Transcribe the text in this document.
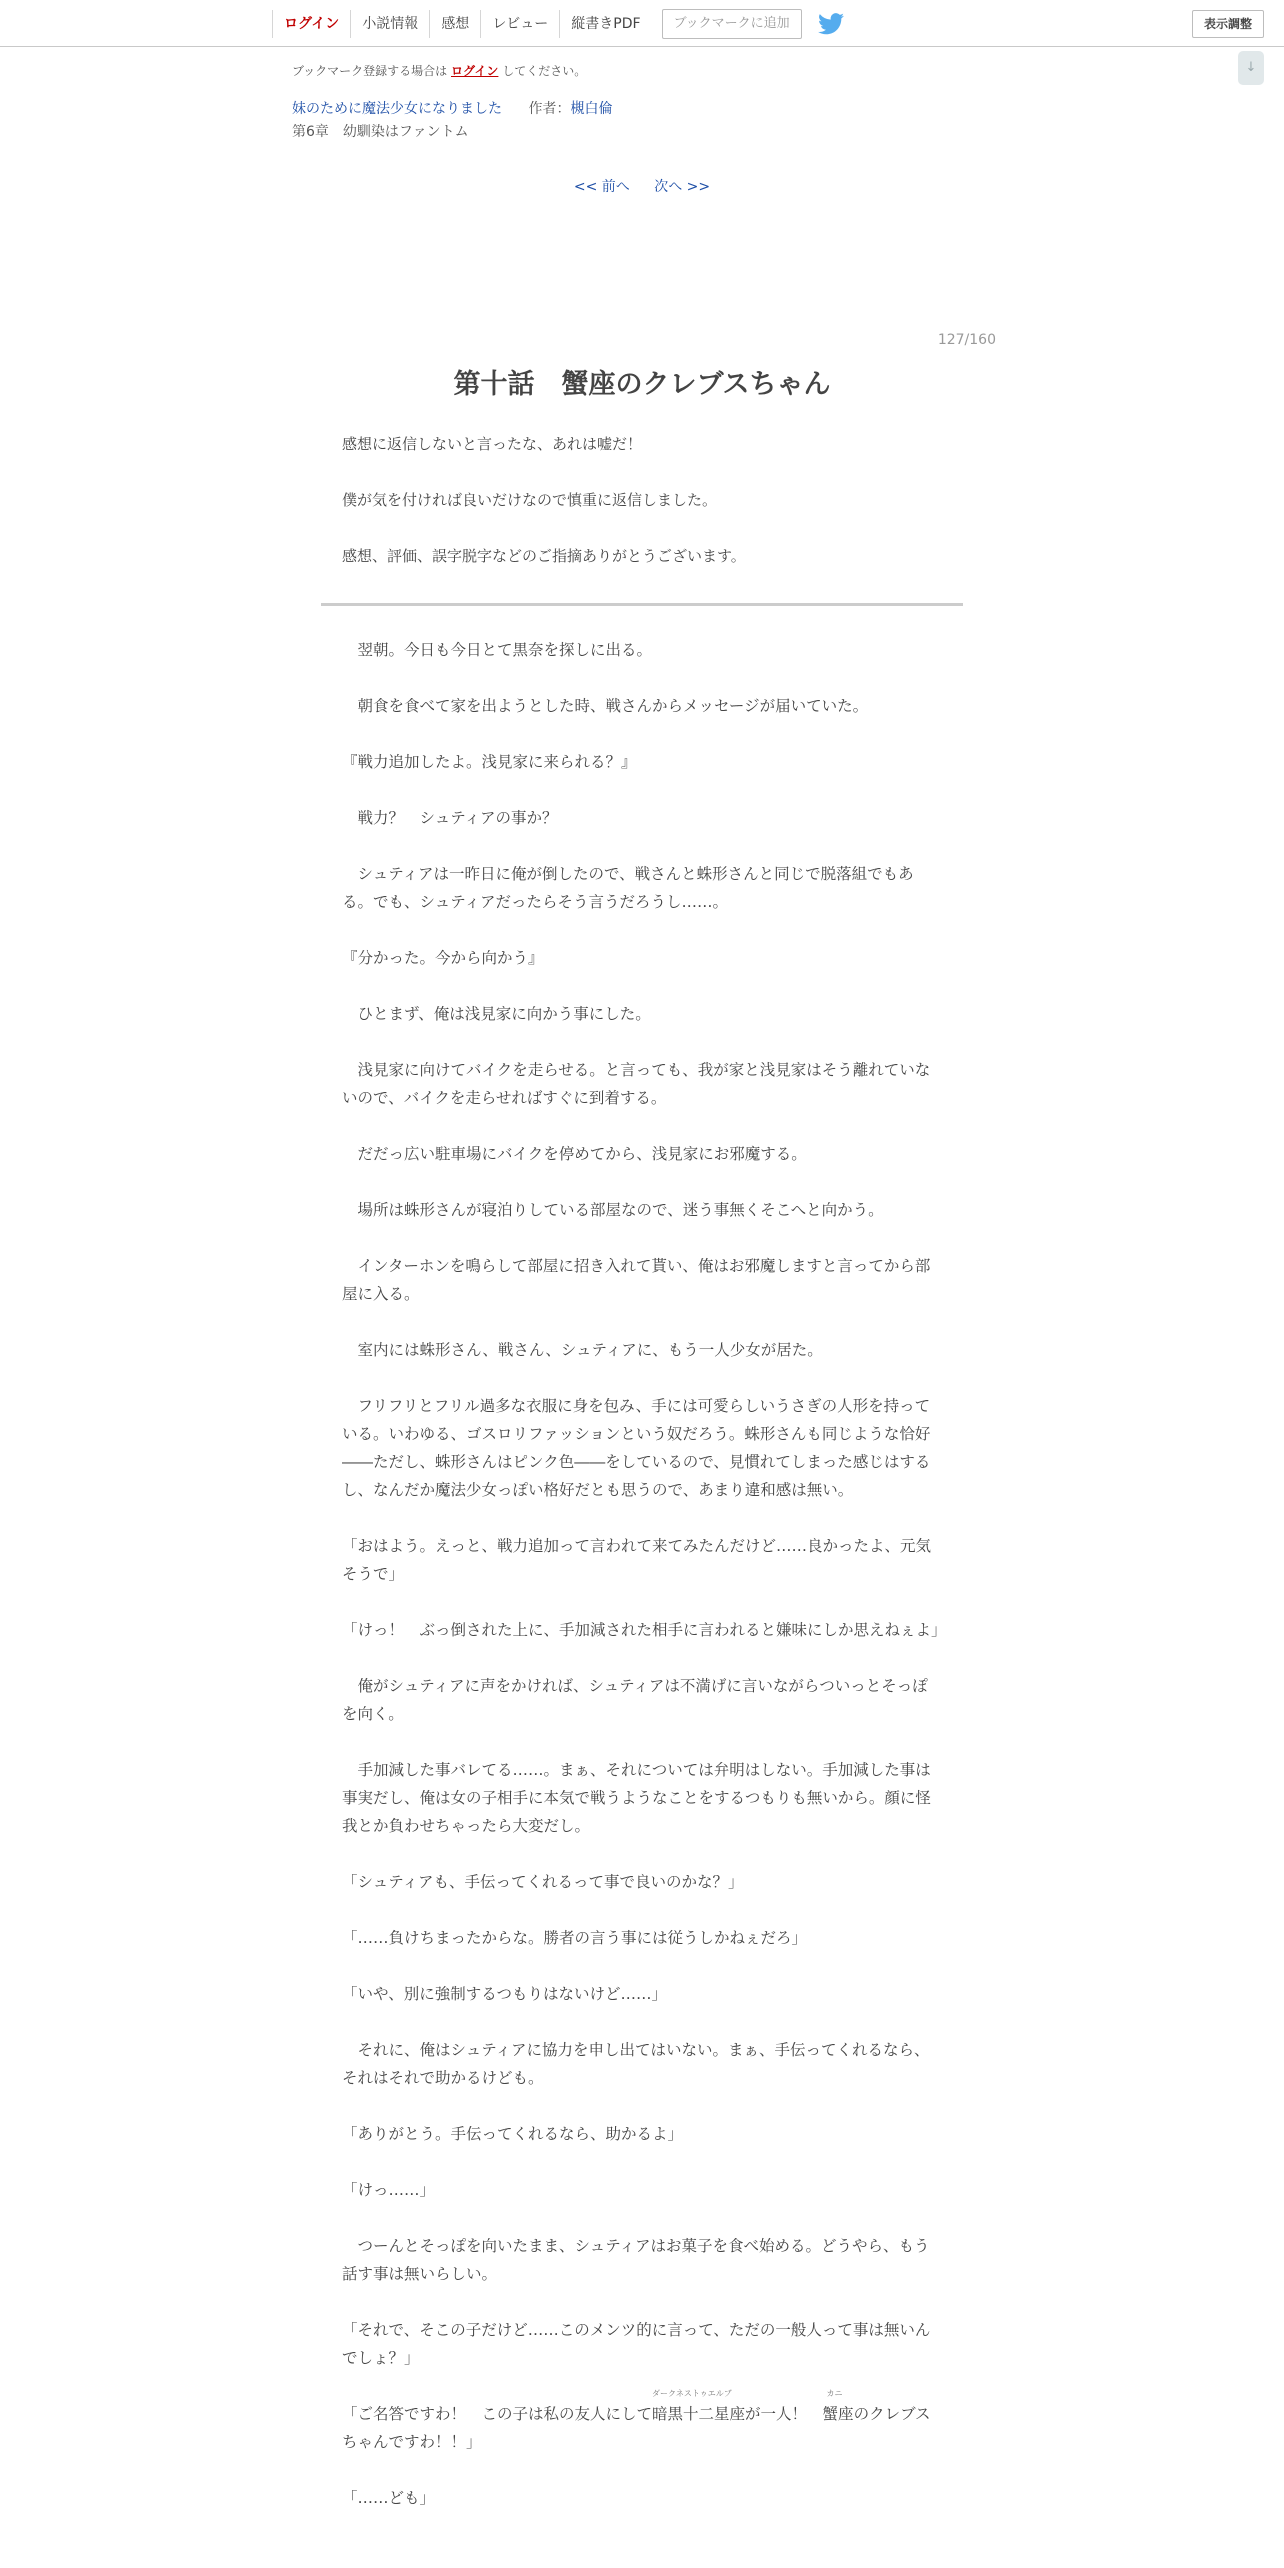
ログイン	小説情報	感想	レビュー	縦書きPDF	ブックマークに追加	表示調整
↓
ブックマーク登録する場合は ログイン してください。
妹のために魔法少女になりました 作者：槻白倫
第6章　幼馴染はファントム
<< 前へ 次へ >>
127/160
第十話　蟹座のクレブスちゃん

感想に返信しないと言ったな、あれは嘘だ！

僕が気を付ければ良いだけなので慎重に返信しました。

感想、評価、誤字脱字などのご指摘ありがとうございます。

　翌朝。今日も今日とて黒奈を探しに出る。

　朝食を食べて家を出ようとした時、戦さんからメッセージが届いていた。

『戦力追加したよ。浅見家に来られる？』

　戦力？　シュティアの事か？

　シュティアは一昨日に俺が倒したので、戦さんと蛛形さんと同じで脱落組でもある。でも、シュティアだったらそう言うだろうし……。

『分かった。今から向かう』

　ひとまず、俺は浅見家に向かう事にした。

　浅見家に向けてバイクを走らせる。と言っても、我が家と浅見家はそう離れていないので、バイクを走らせればすぐに到着する。

　だだっ広い駐車場にバイクを停めてから、浅見家にお邪魔する。

　場所は蛛形さんが寝泊りしている部屋なので、迷う事無くそこへと向かう。

　インターホンを鳴らして部屋に招き入れて貰い、俺はお邪魔しますと言ってから部屋に入る。

　室内には蛛形さん、戦さん、シュティアに、もう一人少女が居た。

　フリフリとフリル過多な衣服に身を包み、手には可愛らしいうさぎの人形を持っている。いわゆる、ゴスロリファッションという奴だろう。蛛形さんも同じような恰好――ただし、蛛形さんはピンク色――をしているので、見慣れてしまった感じはするし、なんだか魔法少女っぽい格好だとも思うので、あまり違和感は無い。

「おはよう。えっと、戦力追加って言われて来てみたんだけど……良かったよ、元気そうで」

「けっ！　ぶっ倒された上に、手加減された相手に言われると嫌味にしか思えねぇよ」

　俺がシュティアに声をかければ、シュティアは不満げに言いながらついっとそっぽを向く。

　手加減した事バレてる……。まぁ、それについては弁明はしない。手加減した事は事実だし、俺は女の子相手に本気で戦うようなことをするつもりも無いから。顔に怪我とか負わせちゃったら大変だし。

「シュティアも、手伝ってくれるって事で良いのかな？」

「……負けちまったからな。勝者の言う事には従うしかねぇだろ」

「いや、別に強制するつもりはないけど……」

　それに、俺はシュティアに協力を申し出てはいない。まぁ、手伝ってくれるなら、それはそれで助かるけども。

「ありがとう。手伝ってくれるなら、助かるよ」

「けっ……」

　つーんとそっぽを向いたまま、シュティアはお菓子を食べ始める。どうやら、もう話す事は無いらしい。

「それで、そこの子だけど……このメンツ的に言って、ただの一般人って事は無いんでしょ？」

「ご名答ですわ！　この子は私の友人にして
ダークネストゥエルブ
暗黒十二星座が一人！　
カニ
蟹座のクレブスちゃんですわ！！」

「……ども」
